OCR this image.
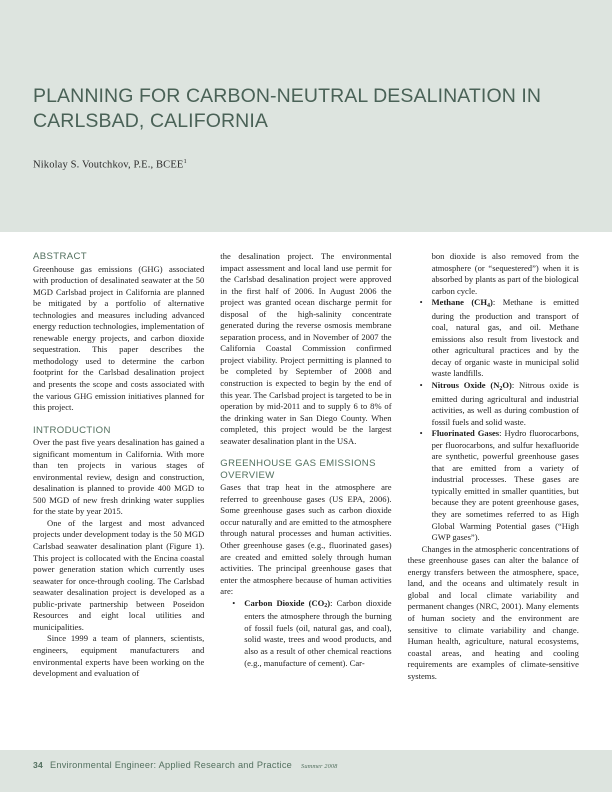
PLANNING FOR CARBON-NEUTRAL DESALINATION IN
CARLSBAD, CALIFORNIA
Nikolay S. Voutchkov, P.E., BCEE$^1$
ABSTRACT

Greenhouse gas emissions (GHG) associated with production of desalinated seawater at the 50 MGD Carlsbad project in California are planned be mitigated by a portfolio of alternative technologies and measures including advanced energy reduction technologies, implementation of renewable energy projects, and carbon dioxide sequestration. This paper describes the methodology used to determine the carbon footprint for the Carlsbad desalination project and presents the scope and costs associated with the various GHG emission initiatives planned for this project.

INTRODUCTION

Over the past five years desalination has gained a significant momentum in California. With more than ten projects in various stages of environmental review, design and construction, desalination is planned to provide 400 MGD to 500 MGD of new fresh drinking water supplies for the state by year 2015.

One of the largest and most advanced projects under development today is the 50 MGD Carlsbad seawater desalination plant (Figure 1). This project is collocated with the Encina coastal power generation station which currently uses seawater for once-through cooling. The Carlsbad seawater desalination project is developed as a public-private partnership between Poseidon Resources and eight local utilities and municipalities.

Since 1999 a team of planners, scientists, engineers, equipment manufacturers and environmental experts have been working on the development and evaluation of

the desalination project. The environmental impact assessment and local land use permit for the Carlsbad desalination project were approved in the first half of 2006. In August 2006 the project was granted ocean discharge permit for disposal of the high-salinity concentrate generated during the reverse osmosis membrane separation process, and in November of 2007 the California Coastal Commission confirmed project viability. Project permitting is planned to be completed by September of 2008 and construction is expected to begin by the end of this year. The Carlsbad project is targeted to be in operation by mid-2011 and to supply 6 to 8% of the drinking water in San Diego County. When completed, this project would be the largest seawater desalination plant in the USA.

GREENHOUSE GAS EMISSIONS
OVERVIEW

Gases that trap heat in the atmosphere are referred to greenhouse gases (US EPA, 2006). Some greenhouse gases such as carbon dioxide occur naturally and are emitted to the atmosphere through natural processes and human activities. Other greenhouse gases (e.g., fluorinated gases) are created and emitted solely through human activities. The principal greenhouse gases that enter the atmosphere because of human activities are:

• Carbon Dioxide $(CO_2)$: Carbon dioxide enters the atmosphere through the burning of fossil fuels (oil, natural gas, and coal), solid waste, trees and wood products, and also as a result of other chemical reactions (e.g., manufacture of cement). Car-
bon dioxide is also removed from the atmosphere (or “sequestered”) when it is absorbed by plants as part of the biological carbon cycle.
• Methane $(CH_4)$: Methane is emitted during the production and transport of coal, natural gas, and oil. Methane emissions also result from livestock and other agricultural practices and by the decay of organic waste in municipal solid waste landfills.
• Nitrous Oxide $(N_2O)$: Nitrous oxide is emitted during agricultural and industrial activities, as well as during combustion of fossil fuels and solid waste.
• Fluorinated Gases: Hydro fluorocarbons, per fluorocarbons, and sulfur hexafluoride are synthetic, powerful greenhouse gases that are emitted from a variety of industrial processes. These gases are typically emitted in smaller quantities, but because they are potent greenhouse gases, they are sometimes referred to as High Global Warming Potential gases (“High GWP gases”).

Changes in the atmospheric concentrations of these greenhouse gases can alter the balance of energy transfers between the atmosphere, space, land, and the oceans and ultimately result in global and local climate variability and permanent changes (NRC, 2001). Many elements of human society and the environment are sensitive to climate variability and change. Human health, agriculture, natural ecosystems, coastal areas, and heating and cooling requirements are examples of climate-sensitive systems.

34 Environmental Engineer: Applied Research and Practice Summer 2008
